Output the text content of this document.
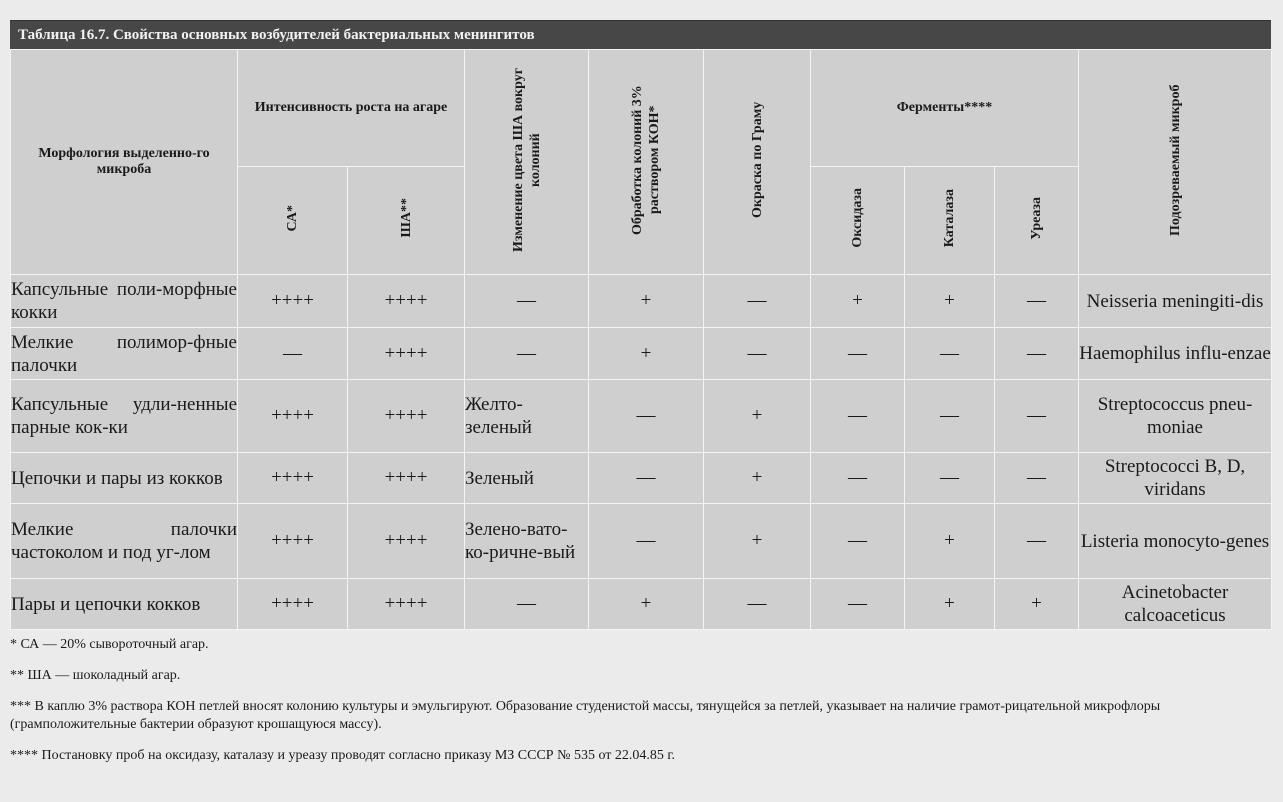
Таблица 16.7. Свойства основных возбудителей бактериальных менингитов
Морфология выделенно-го микроба	Интенсивность роста на агаре		Изменение цвета ША вокруг колоний	Обработка колоний 3% раствором КОН*	Окраска по Граму	Ферменты****			Подозреваемый микроб
	СА*	ША**				Оксидаза	Каталаза	Уреаза	
Капсульные поли-морфные кокки	++++	++++	—	+	—	+	+	—	Neisseria meningiti-dis
Мелкие полимор-фные палочки	—	++++	—	+	—	—	—	—	Haemophilus influ-enzae
Капсульные удли-ненные парные кок-ки	++++	++++	Желто-зеленый	—	+	—	—	—	Streptococcus pneu-moniae
Цепочки и пары из кокков	++++	++++	Зеленый	—	+	—	—	—	Streptococci B, D, viridans
Мелкие палочки частоколом и под уг-лом	++++	++++	Зелено-вато-ко-ричне-вый	—	+	—	+	—	Listeria monocyto-genes
Пары и цепочки кокков	++++	++++	—	+	—	—	+	+	Acinetobacter calcoaceticus

* СА — 20% сывороточный агар.

** ША — шоколадный агар.

*** В каплю 3% раствора КОН петлей вносят колонию культуры и эмульгируют. Образование студенистой массы, тянущейся за петлей, указывает на наличие грамот-рицательной микрофлоры (грамположительные бактерии образуют крошащуюся массу).

**** Постановку проб на оксидазу, каталазу и уреазу проводят согласно приказу МЗ СССР № 535 от 22.04.85 г.
